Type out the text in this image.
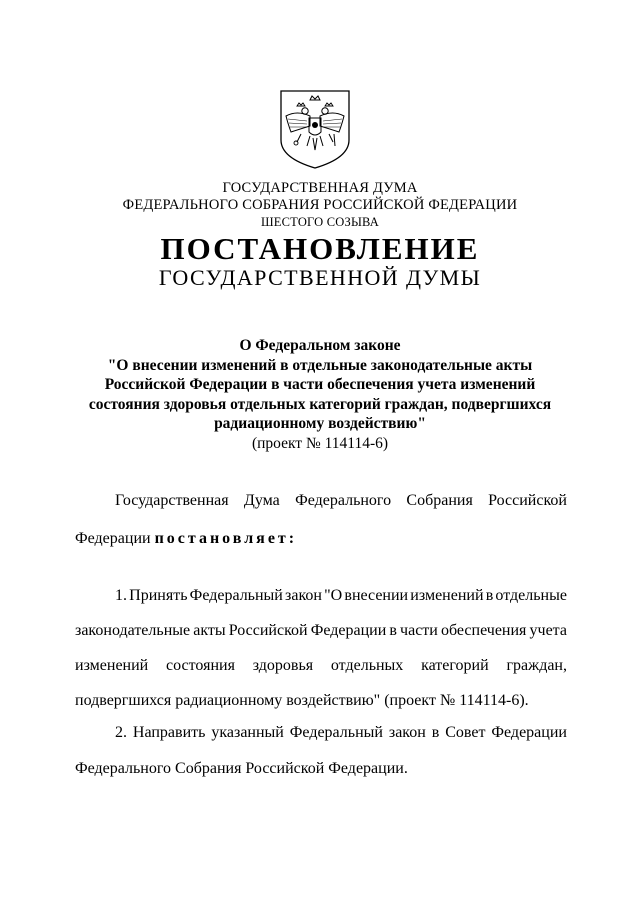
ГОСУДАРСТВЕННАЯ ДУМА
ФЕДЕРАЛЬНОГО СОБРАНИЯ РОССИЙСКОЙ ФЕДЕРАЦИИ
ШЕСТОГО СОЗЫВА
ПОСТАНОВЛЕНИЕ
ГОСУДАРСТВЕННОЙ ДУМЫ
О Федеральном законе
"О внесении изменений в отдельные законодательные акты
Российской Федерации в части обеспечения учета изменений
состояния здоровья отдельных категорий граждан, подвергшихся
радиационному воздействию"
(проект № 114114-6)
Государственная Дума Федерального Собрания Российской
Федерации постановляет:
1. Принять Федеральный закон "О внесении изменений в отдельные
законодательные акты Российской Федерации в части обеспечения учета
изменений состояния здоровья отдельных категорий граждан,
подвергшихся радиационному воздействию" (проект № 114114-6).
2. Направить указанный Федеральный закон в Совет Федерации
Федерального Собрания Российской Федерации.
